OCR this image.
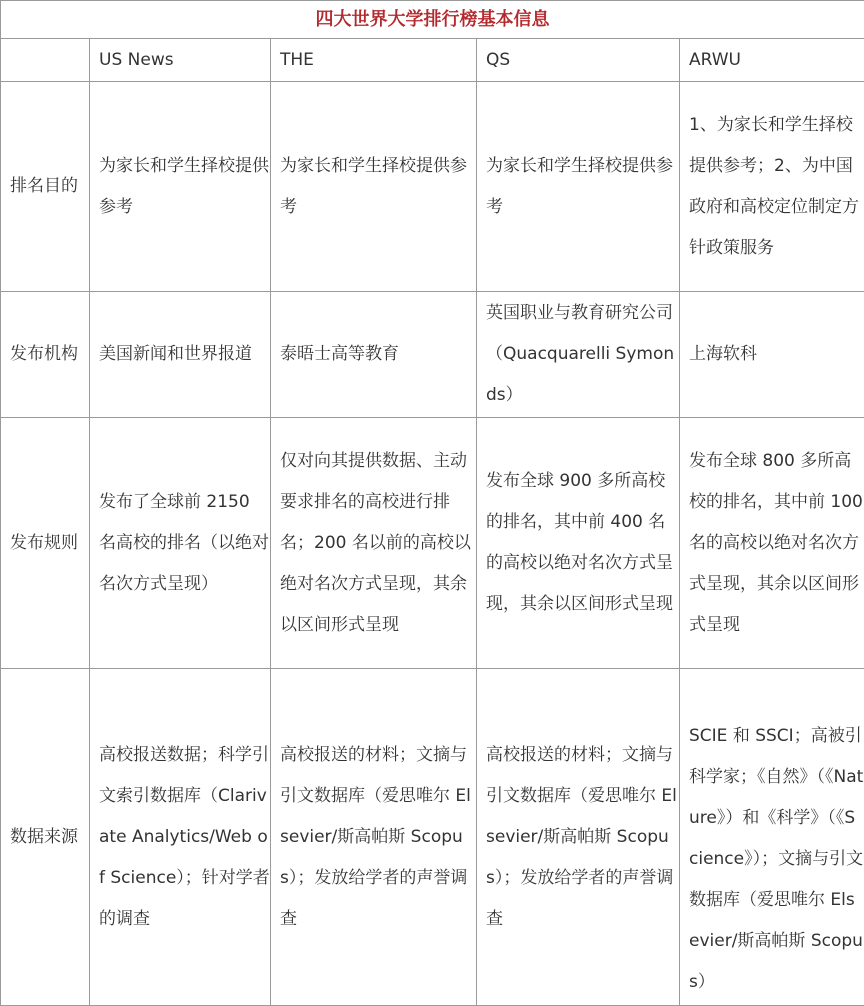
四大世界大学排行榜基本信息				
	US News	THE	QS	ARWU
排名目的	为家长和学生择校提供参考	为家长和学生择校提供参考	为家长和学生择校提供参考	1、为家长和学生择校提供参考；2、为中国政府和高校定位制定方针政策服务
发布机构	美国新闻和世界报道	泰晤士高等教育	英国职业与教育研究公司（Quacquarelli Symonds）	上海软科
发布规则	发布了全球前 2150 名高校的排名（以绝对名次方式呈现）	仅对向其提供数据、主动要求排名的高校进行排名；200 名以前的高校以绝对名次方式呈现，其余以区间形式呈现	发布全球 900 多所高校的排名，其中前 400 名的高校以绝对名次方式呈现，其余以区间形式呈现	发布全球 800 多所高校的排名，其中前 100 名的高校以绝对名次方式呈现，其余以区间形式呈现
数据来源	高校报送数据；科学引文索引数据库（Clarivate Analytics/Web of Science）；针对学者的调查	高校报送的材料；文摘与引文数据库（爱思唯尔 Elsevier/斯高帕斯 Scopus）；发放给学者的声誉调查	高校报送的材料；文摘与引文数据库（爱思唯尔 Elsevier/斯高帕斯 Scopus）；发放给学者的声誉调查	SCIE 和 SSCI；高被引科学家；《自然》（《Nature》）和《科学》（《Science》）；文摘与引文数据库（爱思唯尔 Elsevier/斯高帕斯 Scopus）
